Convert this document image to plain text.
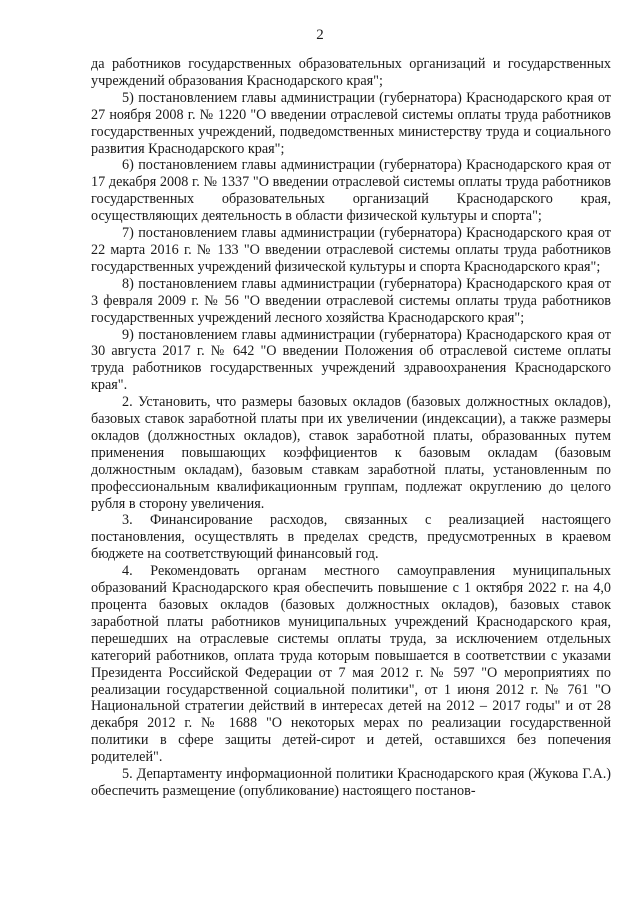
2

да работников государственных образовательных организаций и государственных учреждений образования Краснодарского края";

5) постановлением главы администрации (губернатора) Краснодарского края от 27 ноября 2008 г. № 1220 "О введении отраслевой системы оплаты труда работников государственных учреждений, подведомственных министерству труда и социального развития Краснодарского края";

6) постановлением главы администрации (губернатора) Краснодарского края от 17 декабря 2008 г. № 1337 "О введении отраслевой системы оплаты труда работников государственных образовательных организаций Краснодарского края, осуществляющих деятельность в области физической культуры и спорта";

7) постановлением главы администрации (губернатора) Краснодарского края от 22 марта 2016 г. № 133 "О введении отраслевой системы оплаты труда работников государственных учреждений физической культуры и спорта Краснодарского края";

8) постановлением главы администрации (губернатора) Краснодарского края от 3 февраля 2009 г. № 56 "О введении отраслевой системы оплаты труда работников государственных учреждений лесного хозяйства Краснодарского края";

9) постановлением главы администрации (губернатора) Краснодарского края от 30 августа 2017 г. № 642 "О введении Положения об отраслевой системе оплаты труда работников государственных учреждений здравоохранения Краснодарского края".

2. Установить, что размеры базовых окладов (базовых должностных окладов), базовых ставок заработной платы при их увеличении (индексации), а также размеры окладов (должностных окладов), ставок заработной платы, образованных путем применения повышающих коэффициентов к базовым окладам (базовым должностным окладам), базовым ставкам заработной платы, установленным по профессиональным квалификационным группам, подлежат округлению до целого рубля в сторону увеличения.

3. Финансирование расходов, связанных с реализацией настоящего постановления, осуществлять в пределах средств, предусмотренных в краевом бюджете на соответствующий финансовый год.

4. Рекомендовать органам местного самоуправления муниципальных образований Краснодарского края обеспечить повышение с 1 октября 2022 г. на 4,0 процента базовых окладов (базовых должностных окладов), базовых ставок заработной платы работников муниципальных учреждений Краснодарского края, перешедших на отраслевые системы оплаты труда, за исключением отдельных категорий работников, оплата труда которым повышается в соответствии с указами Президента Российской Федерации от 7 мая 2012 г. № 597 "О мероприятиях по реализации государственной социальной политики", от 1 июня 2012 г. № 761 "О Национальной стратегии действий в интересах детей на 2012 – 2017 годы" и от 28 декабря 2012 г. № 1688 "О некоторых мерах по реализации государственной политики в сфере защиты детей-сирот и детей, оставшихся без попечения родителей".

5. Департаменту информационной политики Краснодарского края (Жукова Г.А.) обеспечить размещение (опубликование) настоящего постанов-
